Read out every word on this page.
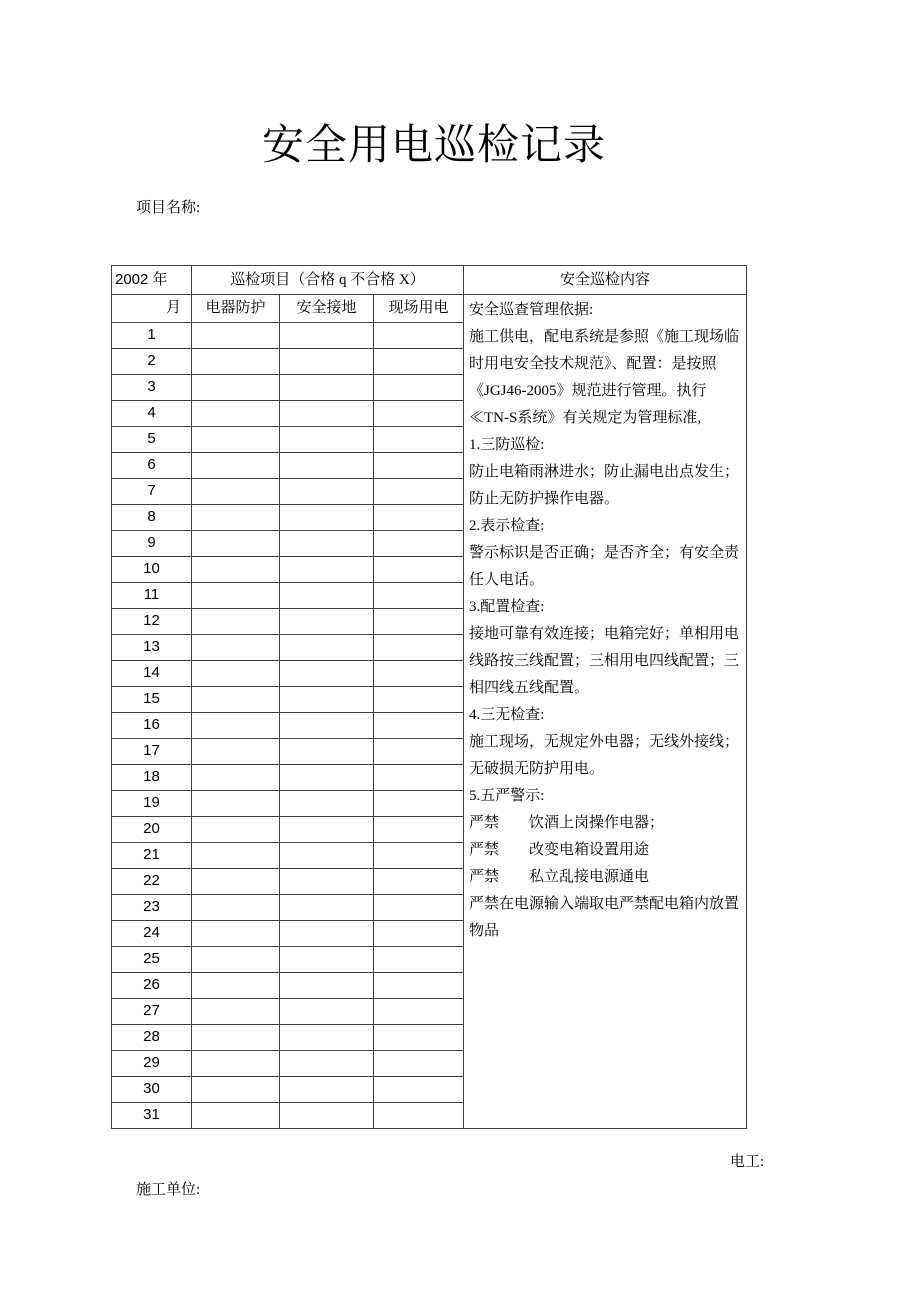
安全用电巡检记录
项目名称:
2002 年	巡检项目（合格 q 不合格 X）	安全巡检内容
月	电器防护	安全接地	现场用电
1
2
3
4
5
6
7
8
9
10
11
12
13
14
15
16
17
18
19
20
21
22
23
24
25
26
27
28
29
30
31
安全巡查管理依据:
施工供电，配电系统是参照《施工现场临时用电安全技术规范》、配置：是按照《JGJ46-2005》规范进行管理。执行≪TN-S系统》有关规定为管理标准,
1.三防巡检:
防止电箱雨淋进水；防止漏电出点发生；防止无防护操作电器。
2.表示检查:
警示标识是否正确；是否齐全；有安全责任人电话。
3.配置检查:
接地可靠有效连接；电箱完好；单相用电线路按三线配置；三相用电四线配置；三相四线五线配置。
4.三无检查:
施工现场，无规定外电器；无线外接线；无破损无防护用电。
5.五严警示:
严禁　　饮酒上岗操作电器；
严禁　　改变电箱设置用途
严禁　　私立乱接电源通电
严禁在电源输入端取电严禁配电箱内放置物品
电工:
施工单位:
